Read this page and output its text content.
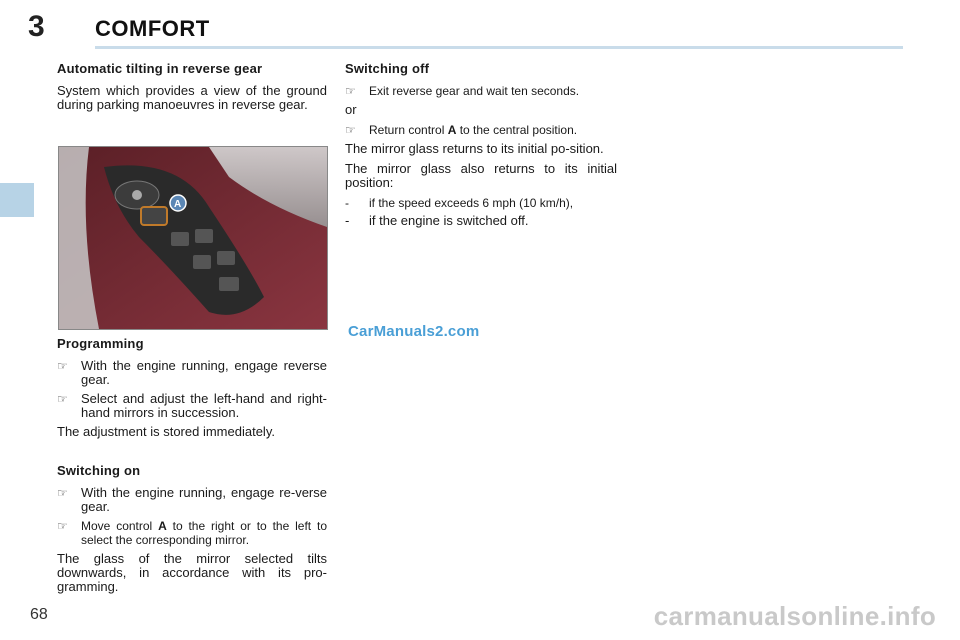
3 COMFORT

Automatic tilting in reverse gear

System which provides a view of the ground during parking manoeuvres in reverse gear.

A

Programming

☞ With the engine running, engage reverse gear.
☞ Select and adjust the left-hand and right-hand mirrors in succession.

The adjustment is stored immediately.

Switching on

☞ With the engine running, engage re-verse gear.
☞ Move control A to the right or to the left to select the corresponding mirror.

The glass of the mirror selected tilts downwards, in accordance with its pro-gramming.

Switching off

☞ Exit reverse gear and wait ten seconds.

or

☞ Return control A to the central position.

The mirror glass returns to its initial po-sition.

The mirror glass also returns to its initial position:

- if the speed exceeds 6 mph (10 km/h),
- if the engine is switched off.
CarManuals2.com
68	carmanualsonline.info
